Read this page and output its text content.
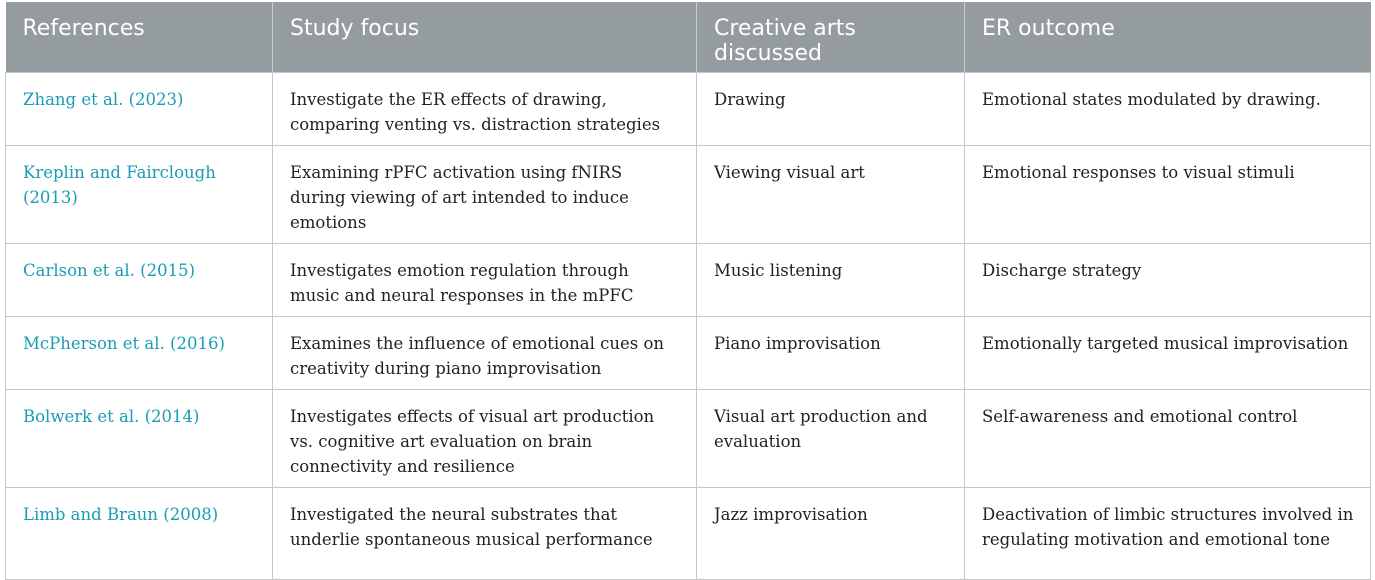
References	Study focus	Creative arts discussed	ER outcome
Zhang et al. (2023)	Investigate the ER effects of drawing, comparing venting vs. distraction strategies	Drawing	Emotional states modulated by drawing.
Kreplin and Fairclough (2013)	Examining rPFC activation using fNIRS during viewing of art intended to induce emotions	Viewing visual art	Emotional responses to visual stimuli
Carlson et al. (2015)	Investigates emotion regulation through music and neural responses in the mPFC	Music listening	Discharge strategy
McPherson et al. (2016)	Examines the influence of emotional cues on creativity during piano improvisation	Piano improvisation	Emotionally targeted musical improvisation
Bolwerk et al. (2014)	Investigates effects of visual art production vs. cognitive art evaluation on brain connectivity and resilience	Visual art production and evaluation	Self-awareness and emotional control
Limb and Braun (2008)	Investigated the neural substrates that underlie spontaneous musical performance	Jazz improvisation	Deactivation of limbic structures involved in regulating motivation and emotional tone
